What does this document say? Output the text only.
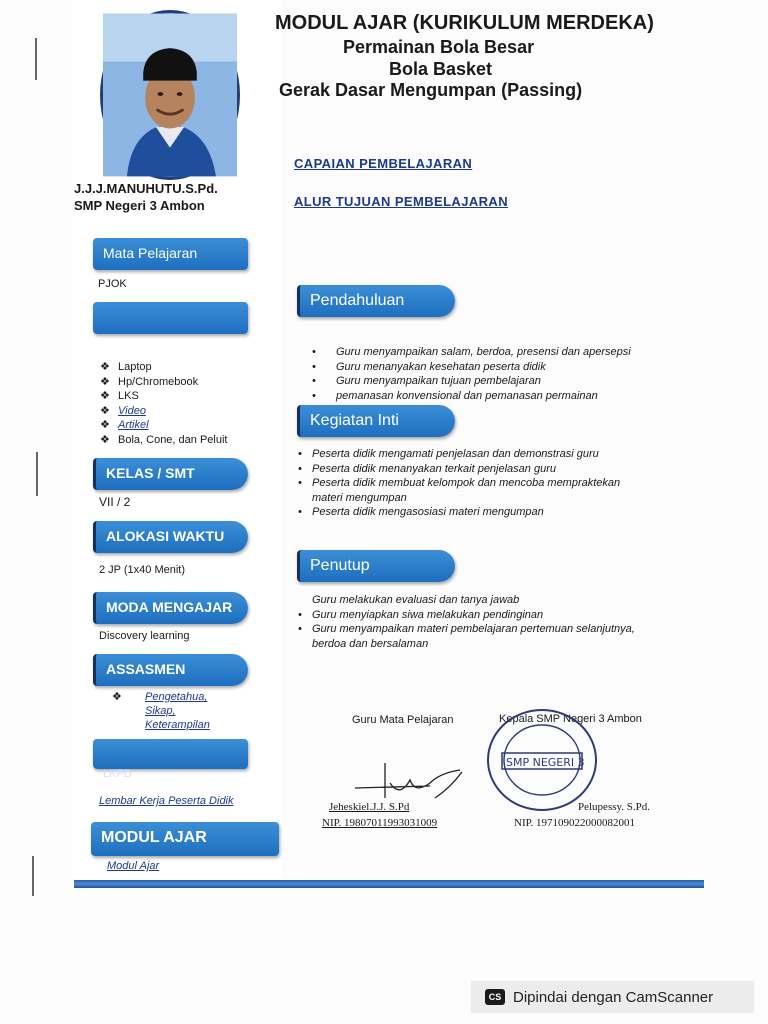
J.J.J.MANUHUTU.S.Pd.
SMP Negeri 3 Ambon
MODUL AJAR (KURIKULUM MERDEKA)
Permainan Bola Besar
Bola Basket
Gerak Dasar Mengumpan (Passing)
CAPAIAN PEMBELAJARAN
ALUR TUJUAN PEMBELAJARAN
Mata Pelajaran
PJOK
❖ Laptop
❖ Hp/Chromebook
❖ LKS
❖ Video
❖ Artikel
❖ Bola, Cone, dan Peluit
KELAS / SMT
VII / 2
ALOKASI WAKTU
2 JP (1x40 Menit)
MODA MENGAJAR
Discovery learning
ASSASMEN
❖ Pengetahua,
Sikap,
Keterampilan
$_{LKPD}$
Lembar Kerja Peserta Didik
MODUL AJAR
Modul Ajar
Pendahuluan
• Guru menyampaikan salam, berdoa, presensi dan apersepsi
• Guru menanyakan kesehatan peserta didik
• Guru menyampaikan tujuan pembelajaran
• pemanasan konvensional dan pemanasan permainan
Kegiatan Inti
• Peserta didik mengamati penjelasan dan demonstrasi guru
• Peserta didik menanyakan terkait penjelasan guru
• Peserta didik membuat kelompok dan mencoba mempraktekan
materi mengumpan
• Peserta didik mengasosiasi materi mengumpan
Penutup
Guru melakukan evaluasi dan tanya jawab
• Guru menyiapkan siwa melakukan pendinginan
• Guru menyampaikan materi pembelajaran pertemuan selanjutnya,
berdoa dan bersalaman
Guru Mata Pelajaran	Kepala SMP Negeri 3 Ambon
Jeheskiel.J.J. S.Pd
NIP. 198070119930310​09
SMP NEGERI 3
Pelupessy. S.Pd.
NIP. 197109022000082001
CS Dipindai dengan CamScanner
